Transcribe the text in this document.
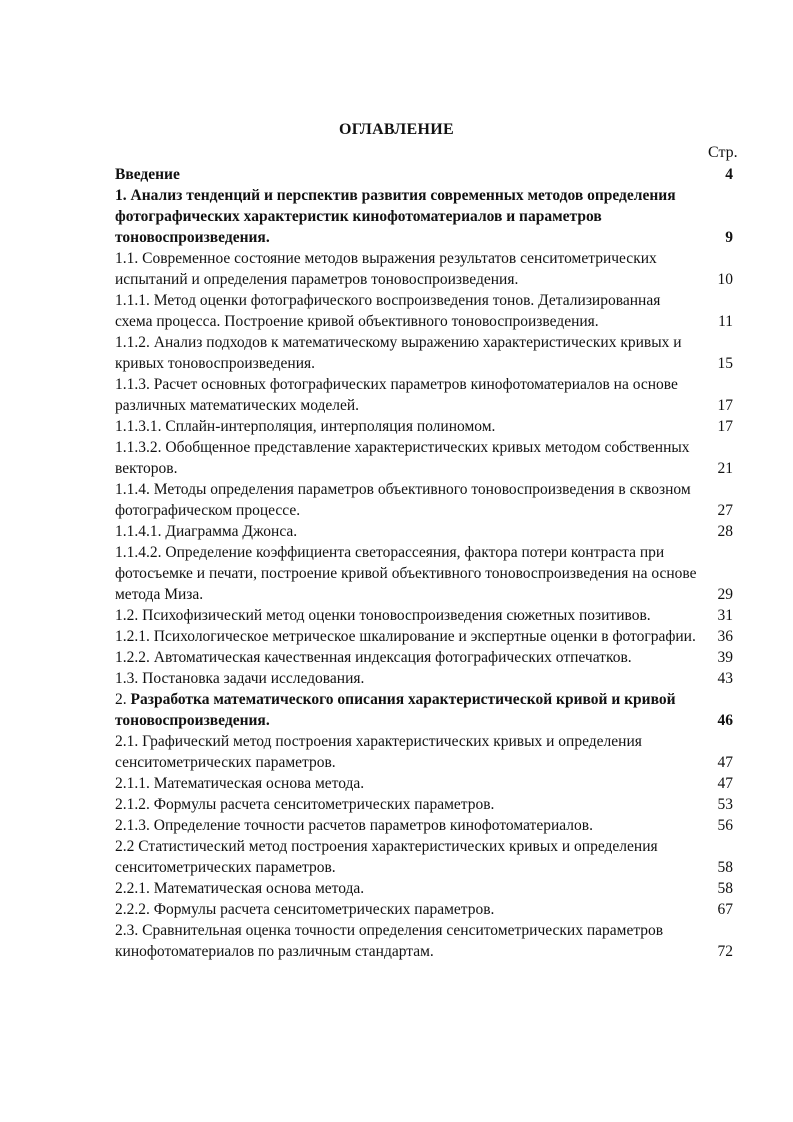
ОГЛАВЛЕНИЕ
Стр.
Введение	4
1. Анализ тенденций и перспектив развития современных методов определения фотографических характеристик кинофотоматериалов и параметров тоновоспроизведения.	9
1.1. Современное состояние методов выражения результатов сенситометрических испытаний и определения параметров тоновоспроизведения.	10
1.1.1. Метод оценки фотографического воспроизведения тонов. Детализированная схема процесса. Построение кривой объективного тоновоспроизведения.	11
1.1.2. Анализ подходов к математическому выражению характеристических кривых и кривых тоновоспроизведения.	15
1.1.3. Расчет основных фотографических параметров кинофотоматериалов на основе различных математических моделей.	17
1.1.3.1. Сплайн-интерполяция, интерполяция полиномом.	17
1.1.3.2. Обобщенное представление характеристических кривых методом собственных векторов.	21
1.1.4. Методы определения параметров объективного тоновоспроизведения в сквозном фотографическом процессе.	27
1.1.4.1. Диаграмма Джонса.	28
1.1.4.2. Определение коэффициента светорассеяния, фактора потери контраста при фотосъемке и печати, построение кривой объективного тоновоспроизведения на основе метода Миза.	29
1.2. Психофизический метод оценки тоновоспроизведения сюжетных позитивов.	31
1.2.1. Психологическое метрическое шкалирование и экспертные оценки в фотографии. 36
1.2.2. Автоматическая качественная индексация фотографических отпечатков.	39
1.3. Постановка задачи исследования.	43
2. Разработка математического описания характеристической кривой и кривой тоновоспроизведения.	46
2.1. Графический метод построения характеристических кривых и определения сенситометрических параметров.	47
2.1.1. Математическая основа метода.	47
2.1.2. Формулы расчета сенситометрических параметров.	53
2.1.3. Определение точности расчетов параметров кинофотоматериалов.	56
2.2 Статистический метод построения характеристических кривых и определения сенситометрических параметров.	58
2.2.1. Математическая основа метода.	58
2.2.2. Формулы расчета сенситометрических параметров.	67
2.3. Сравнительная оценка точности определения сенситометрических параметров кинофотоматериалов по различным стандартам.	72
